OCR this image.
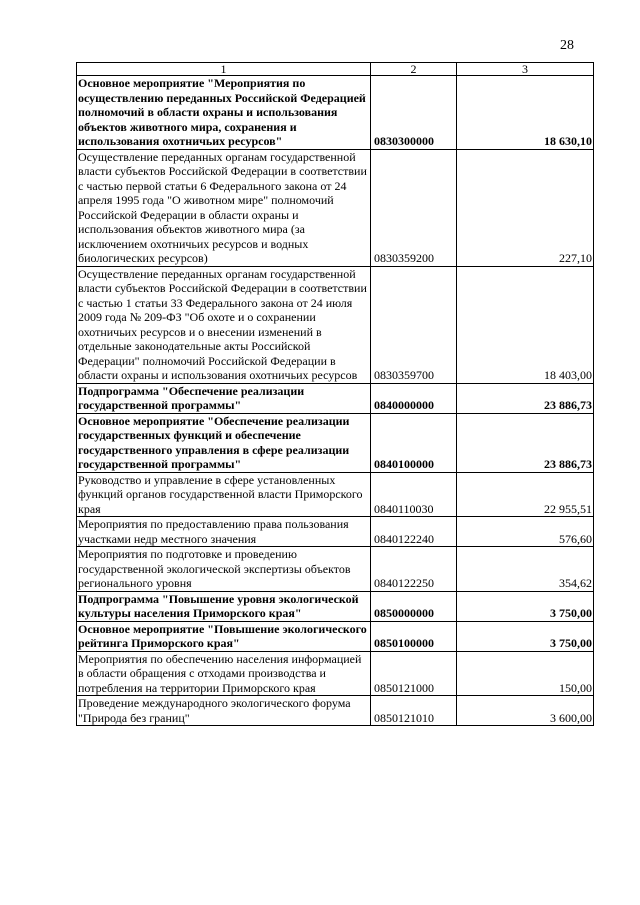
28
1	2	3
Основное мероприятие "Мероприятия по осуществлению переданных Российской Федерацией полномочий в области охраны и использования объектов животного мира, сохранения и использования охотничьих ресурсов"	0830300000	18 630,10
Осуществление переданных органам государственной власти субъектов Российской Федерации в соответствии с частью первой статьи 6 Федерального закона от 24 апреля 1995 года "О животном мире" полномочий Российской Федерации в области охраны и использования объектов животного мира (за исключением охотничьих ресурсов и водных биологических ресурсов)	0830359200	227,10
Осуществление переданных органам государственной власти субъектов Российской Федерации в соответствии с частью 1 статьи 33 Федерального закона от 24 июля 2009 года № 209-ФЗ "Об охоте и о сохранении охотничьих ресурсов и о внесении изменений в отдельные законодательные акты Российской Федерации" полномочий Российской Федерации в области охраны и использования охотничьих ресурсов	0830359700	18 403,00
Подпрограмма "Обеспечение реализации государственной программы"	0840000000	23 886,73
Основное мероприятие "Обеспечение реализации государственных функций и обеспечение государственного управления в сфере реализации государственной программы"	0840100000	23 886,73
Руководство и управление в сфере установленных функций органов государственной власти Приморского края	0840110030	22 955,51
Мероприятия по предоставлению права пользования участками недр местного значения	0840122240	576,60
Мероприятия по подготовке и проведению государственной экологической экспертизы объектов регионального уровня	0840122250	354,62
Подпрограмма "Повышение уровня экологической культуры населения Приморского края"	0850000000	3 750,00
Основное мероприятие "Повышение экологического рейтинга Приморского края"	0850100000	3 750,00
Мероприятия по обеспечению населения информацией в области обращения с отходами производства и потребления на территории Приморского края	0850121000	150,00
Проведение международного экологического форума "Природа без границ"	0850121010	3 600,00
